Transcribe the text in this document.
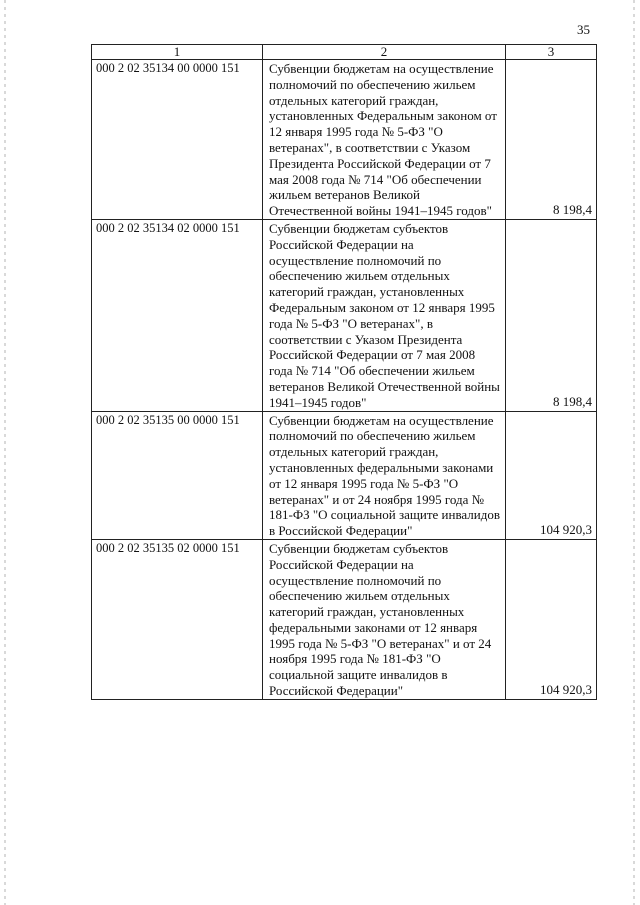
35
1	2	3
000 2 02 35134 00 0000 151	Субвенции бюджетам на осуществление полномочий по обеспечению жильем отдельных категорий граждан, установленных Федеральным законом от 12 января 1995 года № 5-ФЗ "О ветеранах", в соответствии с Указом Президента Российской Федерации от 7 мая 2008 года № 714 "Об обеспечении жильем ветеранов Великой Отечественной войны 1941–1945 годов"	8 198,4
000 2 02 35134 02 0000 151	Субвенции бюджетам субъектов Российской Федерации на осуществление полномочий по обеспечению жильем отдельных категорий граждан, установленных Федеральным законом от 12 января 1995 года № 5-ФЗ "О ветеранах", в соответствии с Указом Президента Российской Федерации от 7 мая 2008 года № 714 "Об обеспечении жильем ветеранов Великой Отечественной войны 1941–1945 годов"	8 198,4
000 2 02 35135 00 0000 151	Субвенции бюджетам на осуществление полномочий по обеспечению жильем отдельных категорий граждан, установленных федеральными законами от 12 января 1995 года № 5-ФЗ "О ветеранах" и от 24 ноября 1995 года № 181-ФЗ "О социальной защите инвалидов в Российской Федерации"	104 920,3
000 2 02 35135 02 0000 151	Субвенции бюджетам субъектов Российской Федерации на осуществление полномочий по обеспечению жильем отдельных категорий граждан, установленных федеральными законами от 12 января 1995 года № 5-ФЗ "О ветеранах" и от 24 ноября 1995 года № 181-ФЗ "О социальной защите инвалидов в Российской Федерации"	104 920,3
